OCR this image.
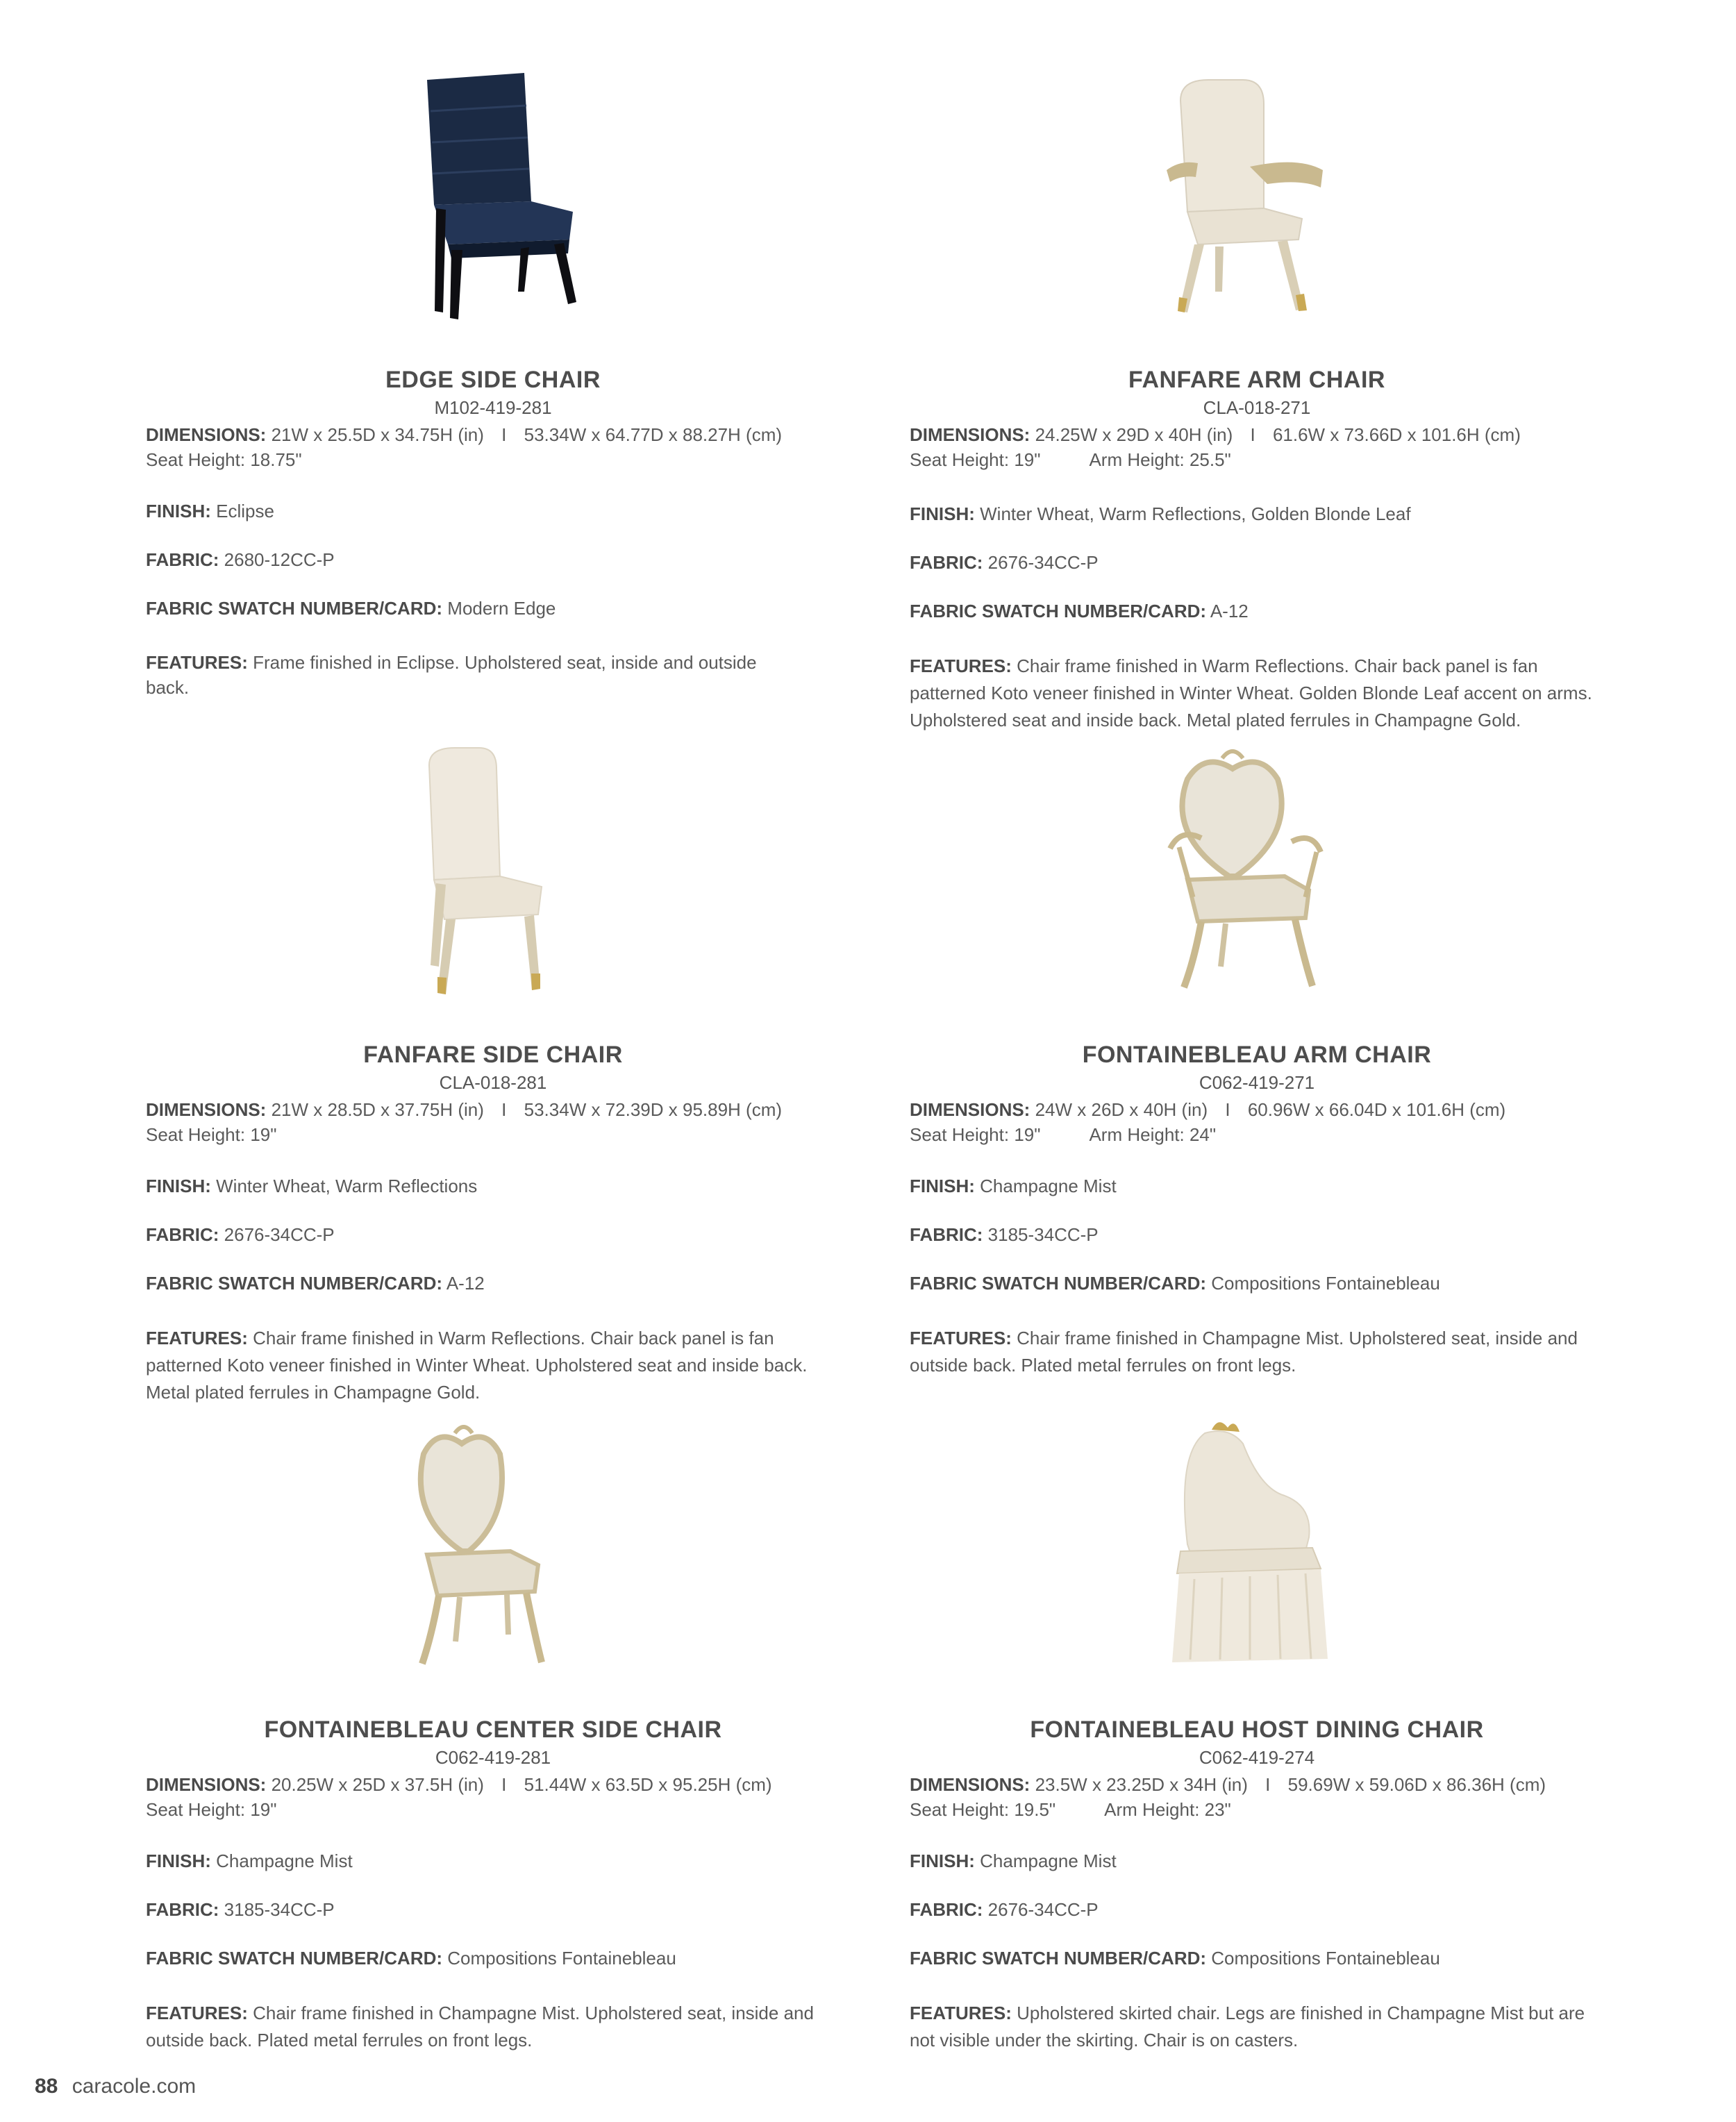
EDGE SIDE CHAIR
M102-419-281
DIMENSIONS: 21W x 25.5D x 34.75H (in) I 53.34W x 64.77D x 88.27H (cm)
Seat Height: 18.75"
FINISH: Eclipse
FABRIC: 2680-12CC-P
FABRIC SWATCH NUMBER/CARD: Modern Edge
FEATURES: Frame finished in Eclipse. Upholstered seat, inside and outside back.
FANFARE ARM CHAIR
CLA-018-271
DIMENSIONS: 24.25W x 29D x 40H (in) I 61.6W x 73.66D x 101.6H (cm)
Seat Height: 19"	Arm Height: 25.5"
FINISH: Winter Wheat, Warm Reflections, Golden Blonde Leaf
FABRIC: 2676-34CC-P
FABRIC SWATCH NUMBER/CARD: A-12
FEATURES: Chair frame finished in Warm Reflections. Chair back panel is fan patterned Koto veneer finished in Winter Wheat. Golden Blonde Leaf accent on arms. Upholstered seat and inside back. Metal plated ferrules in Champagne Gold.
FANFARE SIDE CHAIR
CLA-018-281
DIMENSIONS: 21W x 28.5D x 37.75H (in) I 53.34W x 72.39D x 95.89H (cm)
Seat Height: 19"
FINISH: Winter Wheat, Warm Reflections
FABRIC: 2676-34CC-P
FABRIC SWATCH NUMBER/CARD: A-12
FEATURES: Chair frame finished in Warm Reflections. Chair back panel is fan patterned Koto veneer finished in Winter Wheat. Upholstered seat and inside back. Metal plated ferrules in Champagne Gold.
FONTAINEBLEAU ARM CHAIR
C062-419-271
DIMENSIONS: 24W x 26D x 40H (in) I 60.96W x 66.04D x 101.6H (cm)
Seat Height: 19"	Arm Height: 24"
FINISH: Champagne Mist
FABRIC: 3185-34CC-P
FABRIC SWATCH NUMBER/CARD: Compositions Fontainebleau
FEATURES: Chair frame finished in Champagne Mist. Upholstered seat, inside and outside back. Plated metal ferrules on front legs.
FONTAINEBLEAU CENTER SIDE CHAIR
C062-419-281
DIMENSIONS: 20.25W x 25D x 37.5H (in) I 51.44W x 63.5D x 95.25H (cm)
Seat Height: 19"
FINISH: Champagne Mist
FABRIC: 3185-34CC-P
FABRIC SWATCH NUMBER/CARD: Compositions Fontainebleau
FEATURES: Chair frame finished in Champagne Mist. Upholstered seat, inside and outside back. Plated metal ferrules on front legs.
FONTAINEBLEAU HOST DINING CHAIR
C062-419-274
DIMENSIONS: 23.5W x 23.25D x 34H (in) I 59.69W x 59.06D x 86.36H (cm)
Seat Height: 19.5"	Arm Height: 23"
FINISH: Champagne Mist
FABRIC: 2676-34CC-P
FABRIC SWATCH NUMBER/CARD: Compositions Fontainebleau
FEATURES: Upholstered skirted chair. Legs are finished in Champagne Mist but are not visible under the skirting. Chair is on casters.
88 caracole.com
